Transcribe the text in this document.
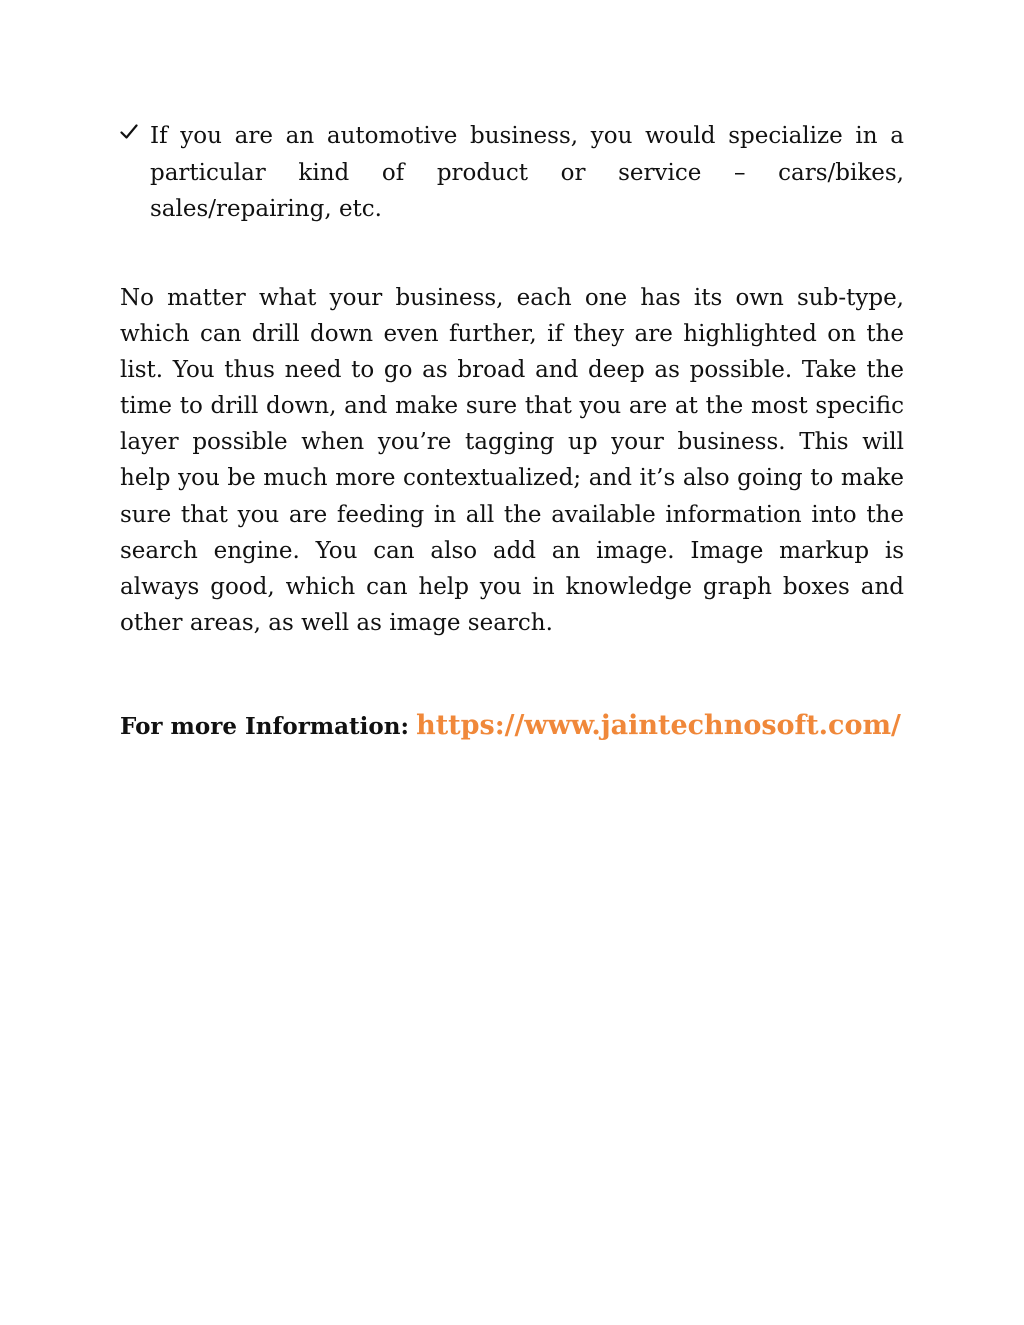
If you are an automotive business, you would specialize in a particular kind of product or service – cars/bikes, sales/repairing, etc.

No matter what your business, each one has its own sub-type, which can drill down even further, if they are highlighted on the list. You thus need to go as broad and deep as possible. Take the time to drill down, and make sure that you are at the most specific layer possible when you’re tagging up your business. This will help you be much more contextualized; and it’s also going to make sure that you are feeding in all the available information into the search engine. You can also add an image. Image markup is always good, which can help you in knowledge graph boxes and other areas, as well as image search.

For more Information: https://www.jaintechnosoft.com/
